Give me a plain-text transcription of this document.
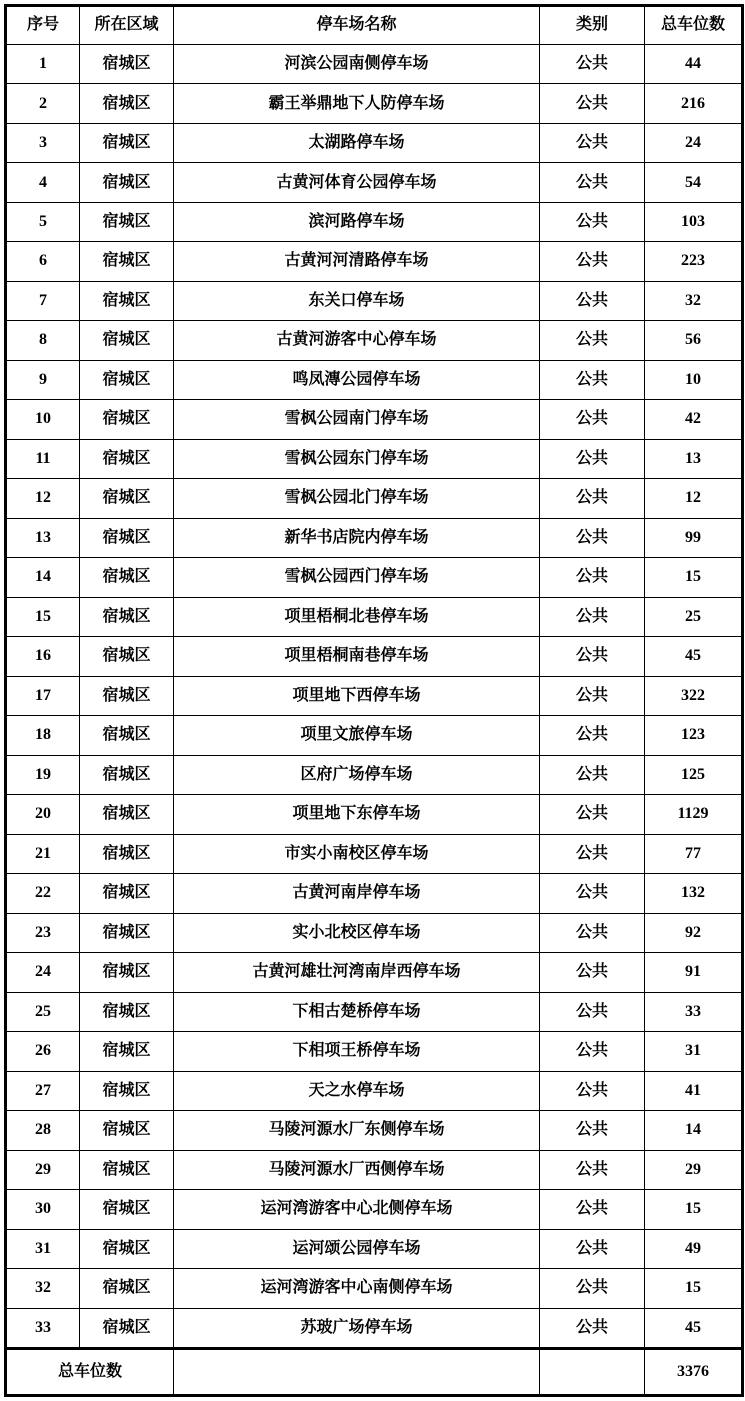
序号	所在区域	停车场名称	类别	总车位数
1	宿城区	河滨公园南侧停车场	公共	44
2	宿城区	霸王举鼎地下人防停车场	公共	216
3	宿城区	太湖路停车场	公共	24
4	宿城区	古黄河体育公园停车场	公共	54
5	宿城区	滨河路停车场	公共	103
6	宿城区	古黄河河清路停车场	公共	223
7	宿城区	东关口停车场	公共	32
8	宿城区	古黄河游客中心停车场	公共	56
9	宿城区	鸣凤漙公园停车场	公共	10
10	宿城区	雪枫公园南门停车场	公共	42
11	宿城区	雪枫公园东门停车场	公共	13
12	宿城区	雪枫公园北门停车场	公共	12
13	宿城区	新华书店院内停车场	公共	99
14	宿城区	雪枫公园西门停车场	公共	15
15	宿城区	项里梧桐北巷停车场	公共	25
16	宿城区	项里梧桐南巷停车场	公共	45
17	宿城区	项里地下西停车场	公共	322
18	宿城区	项里文旅停车场	公共	123
19	宿城区	区府广场停车场	公共	125
20	宿城区	项里地下东停车场	公共	1129
21	宿城区	市实小南校区停车场	公共	77
22	宿城区	古黄河南岸停车场	公共	132
23	宿城区	实小北校区停车场	公共	92
24	宿城区	古黄河雄壮河湾南岸西停车场	公共	91
25	宿城区	下相古楚桥停车场	公共	33
26	宿城区	下相项王桥停车场	公共	31
27	宿城区	天之水停车场	公共	41
28	宿城区	马陵河源水厂东侧停车场	公共	14
29	宿城区	马陵河源水厂西侧停车场	公共	29
30	宿城区	运河湾游客中心北侧停车场	公共	15
31	宿城区	运河颂公园停车场	公共	49
32	宿城区	运河湾游客中心南侧停车场	公共	15
33	宿城区	苏玻广场停车场	公共	45
总车位数				3376
